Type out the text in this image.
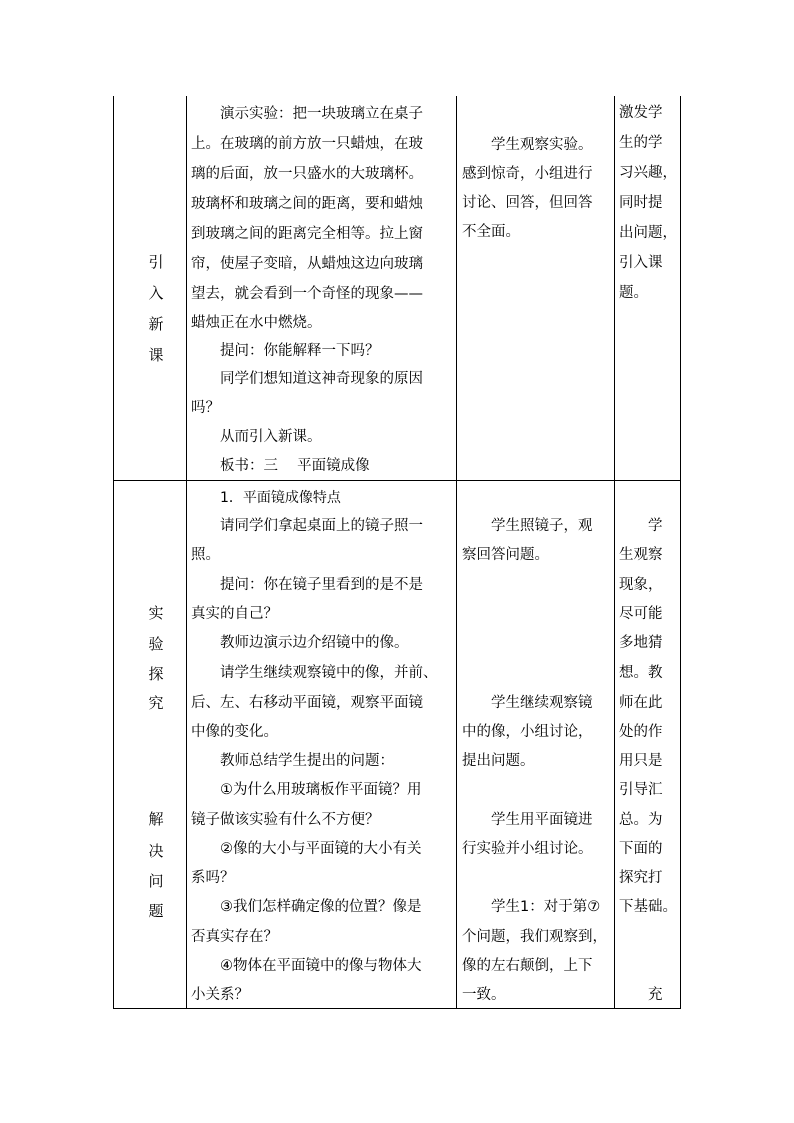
引
入
新
课
演示实验：把一块玻璃立在桌子
上。在玻璃的前方放一只蜡烛，在玻
璃的后面，放一只盛水的大玻璃杯。
玻璃杯和玻璃之间的距离，要和蜡烛
到玻璃之间的距离完全相等。拉上窗
帘，使屋子变暗，从蜡烛这边向玻璃
望去，就会看到一个奇怪的现象——
蜡烛正在水中燃烧。
提问：你能解释一下吗？
同学们想知道这神奇现象的原因
吗？
从而引入新课。
板书：三　 平面镜成像
学生观察实验。
感到惊奇，小组进行
讨论、回答，但回答
不全面。
激发学
生的学
习兴趣，
同时提
出问题，
引入课
题。
实
验
探
究
解
决
问
题
1．平面镜成像特点
请同学们拿起桌面上的镜子照一
照。
提问：你在镜子里看到的是不是
真实的自己？
教师边演示边介绍镜中的像。
请学生继续观察镜中的像，并前、
后、左、右移动平面镜，观察平面镜
中像的变化。
教师总结学生提出的问题：
①为什么用玻璃板作平面镜？用
镜子做该实验有什么不方便？
②像的大小与平面镜的大小有关
系吗？
③我们怎样确定像的位置？像是
否真实存在？
④物体在平面镜中的像与物体大
小关系？
学生照镜子，观
察回答问题。
学生继续观察镜
中的像，小组讨论，
提出问题。
学生用平面镜进
行实验并小组讨论。
学生1：对于第⑦
个问题，我们观察到，
像的左右颠倒，上下
一致。
学
生观察
现象，
尽可能
多地猜
想。教
师在此
处的作
用只是
引导汇
总。为
下面的
探究打
下基础。
充
